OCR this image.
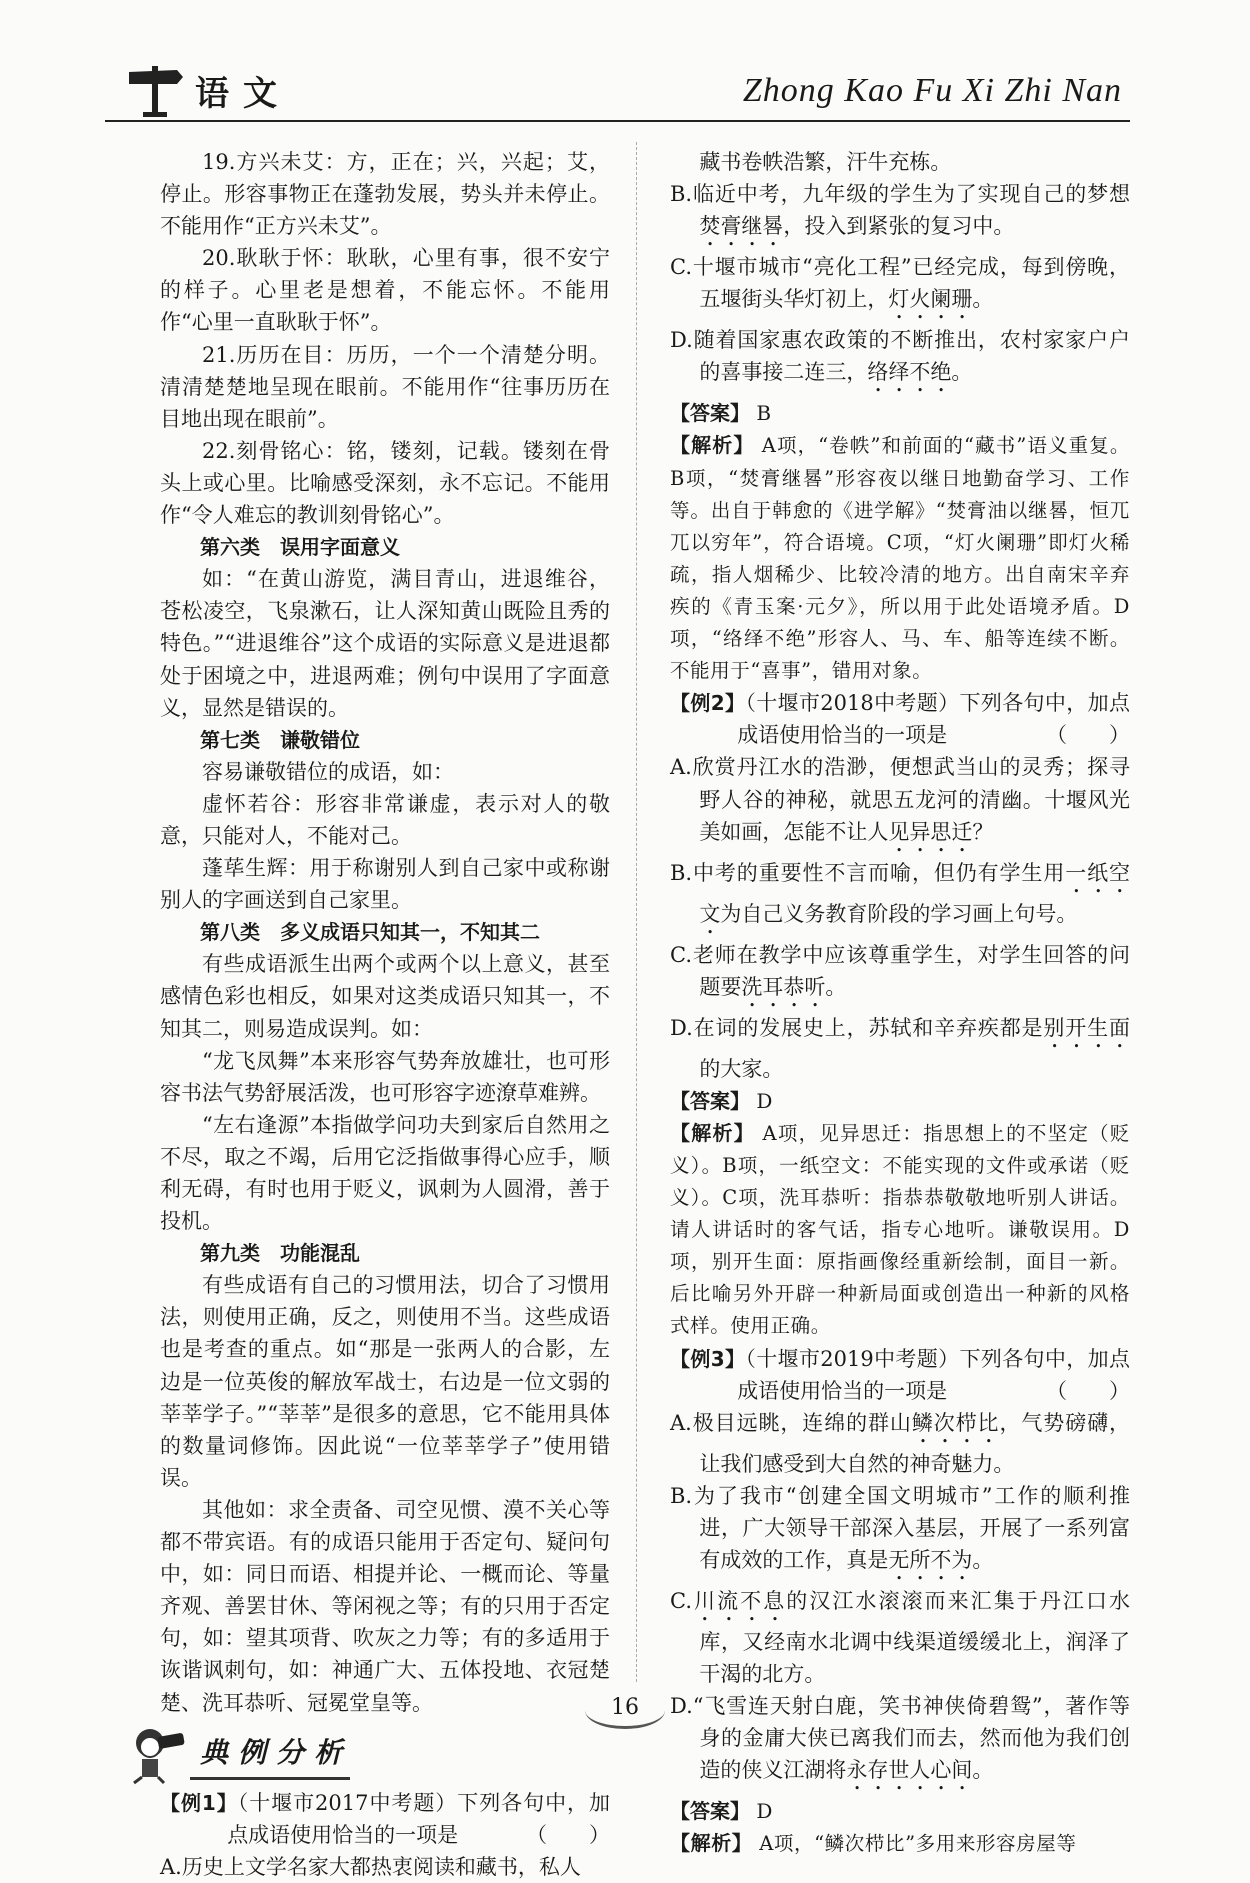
语文	Zhong Kao Fu Xi Zhi Nan

19.方兴未艾：方，正在；兴，兴起；艾，停止。形容事物正在蓬勃发展，势头并未停止。不能用作“正方兴未艾”。

20.耿耿于怀：耿耿，心里有事，很不安宁的样子。心里老是想着，不能忘怀。不能用作“心里一直耿耿于怀”。

21.历历在目：历历，一个一个清楚分明。清清楚楚地呈现在眼前。不能用作“往事历历在目地出现在眼前”。

22.刻骨铭心：铭，镂刻，记载。镂刻在骨头上或心里。比喻感受深刻，永不忘记。不能用作“令人难忘的教训刻骨铭心”。

第六类　误用字面意义

如：“在黄山游览，满目青山，进退维谷，苍松凌空，飞泉漱石，让人深知黄山既险且秀的特色。”“进退维谷”这个成语的实际意义是进退都处于困境之中，进退两难；例句中误用了字面意义，显然是错误的。

第七类　谦敬错位

容易谦敬错位的成语，如：

虚怀若谷：形容非常谦虚，表示对人的敬意，只能对人，不能对己。

蓬荜生辉：用于称谢别人到自己家中或称谢别人的字画送到自己家里。

第八类　多义成语只知其一，不知其二

有些成语派生出两个或两个以上意义，甚至感情色彩也相反，如果对这类成语只知其一，不知其二，则易造成误判。如：

“龙飞凤舞”本来形容气势奔放雄壮，也可形容书法气势舒展活泼，也可形容字迹潦草难辨。

“左右逢源”本指做学问功夫到家后自然用之不尽，取之不竭，后用它泛指做事得心应手，顺利无碍，有时也用于贬义，讽刺为人圆滑，善于投机。

第九类　功能混乱

有些成语有自己的习惯用法，切合了习惯用法，则使用正确，反之，则使用不当。这些成语也是考查的重点。如“那是一张两人的合影，左边是一位英俊的解放军战士，右边是一位文弱的莘莘学子。”“莘莘”是很多的意思，它不能用具体的数量词修饰。因此说“一位莘莘学子”使用错误。

其他如：求全责备、司空见惯、漠不关心等都不带宾语。有的成语只能用于否定句、疑问句中，如：同日而语、相提并论、一概而论、等量齐观、善罢甘休、等闲视之等；有的只用于否定句，如：望其项背、吹灰之力等；有的多适用于诙谐讽刺句，如：神通广大、五体投地、衣冠楚楚、洗耳恭听、冠冕堂皇等。

典例分析

【例1】（十堰市2017中考题）下列各句中，加点成语使用恰当的一项是	（　　）

A.历史上文学名家大都热衷阅读和藏书，私人

藏书卷帙浩繁，汗牛充栋。

B.临近中考，九年级的学生为了实现自己的梦想焚膏继晷，投入到紧张的复习中。

C.十堰市城市“亮化工程”已经完成，每到傍晚，五堰街头华灯初上，灯火阑珊。

D.随着国家惠农政策的不断推出，农村家家户户的喜事接二连三，络绎不绝。

【答案】 B

【解析】 A项，“卷帙”和前面的“藏书”语义重复。B项，“焚膏继晷”形容夜以继日地勤奋学习、工作等。出自于韩愈的《进学解》“焚膏油以继晷，恒兀兀以穷年”，符合语境。C项，“灯火阑珊”即灯火稀疏，指人烟稀少、比较冷清的地方。出自南宋辛弃疾的《青玉案·元夕》，所以用于此处语境矛盾。D项，“络绎不绝”形容人、马、车、船等连续不断。不能用于“喜事”，错用对象。

【例2】（十堰市2018中考题）下列各句中，加点成语使用恰当的一项是	（　　）

A.欣赏丹江水的浩渺，便想武当山的灵秀；探寻野人谷的神秘，就思五龙河的清幽。十堰风光美如画，怎能不让人见异思迁？

B.中考的重要性不言而喻，但仍有学生用一纸空文为自己义务教育阶段的学习画上句号。

C.老师在教学中应该尊重学生，对学生回答的问题要洗耳恭听。

D.在词的发展史上，苏轼和辛弃疾都是别开生面的大家。

【答案】 D

【解析】 A项，见异思迁：指思想上的不坚定（贬义）。B项，一纸空文：不能实现的文件或承诺（贬义）。C项，洗耳恭听：指恭恭敬敬地听别人讲话。请人讲话时的客气话，指专心地听。谦敬误用。D项，别开生面：原指画像经重新绘制，面目一新。后比喻另外开辟一种新局面或创造出一种新的风格式样。使用正确。

【例3】（十堰市2019中考题）下列各句中，加点成语使用恰当的一项是	（　　）

A.极目远眺，连绵的群山鳞次栉比，气势磅礴，让我们感受到大自然的神奇魅力。

B.为了我市“创建全国文明城市”工作的顺利推进，广大领导干部深入基层，开展了一系列富有成效的工作，真是无所不为。

C.川流不息的汉江水滚滚而来汇集于丹江口水库，又经南水北调中线渠道缓缓北上，润泽了干渴的北方。

D.“飞雪连天射白鹿，笑书神侠倚碧鸳”，著作等身的金庸大侠已离我们而去，然而他为我们创造的侠义江湖将永存世人心间。

【答案】 D

【解析】 A项，“鳞次栉比”多用来形容房屋等

16
